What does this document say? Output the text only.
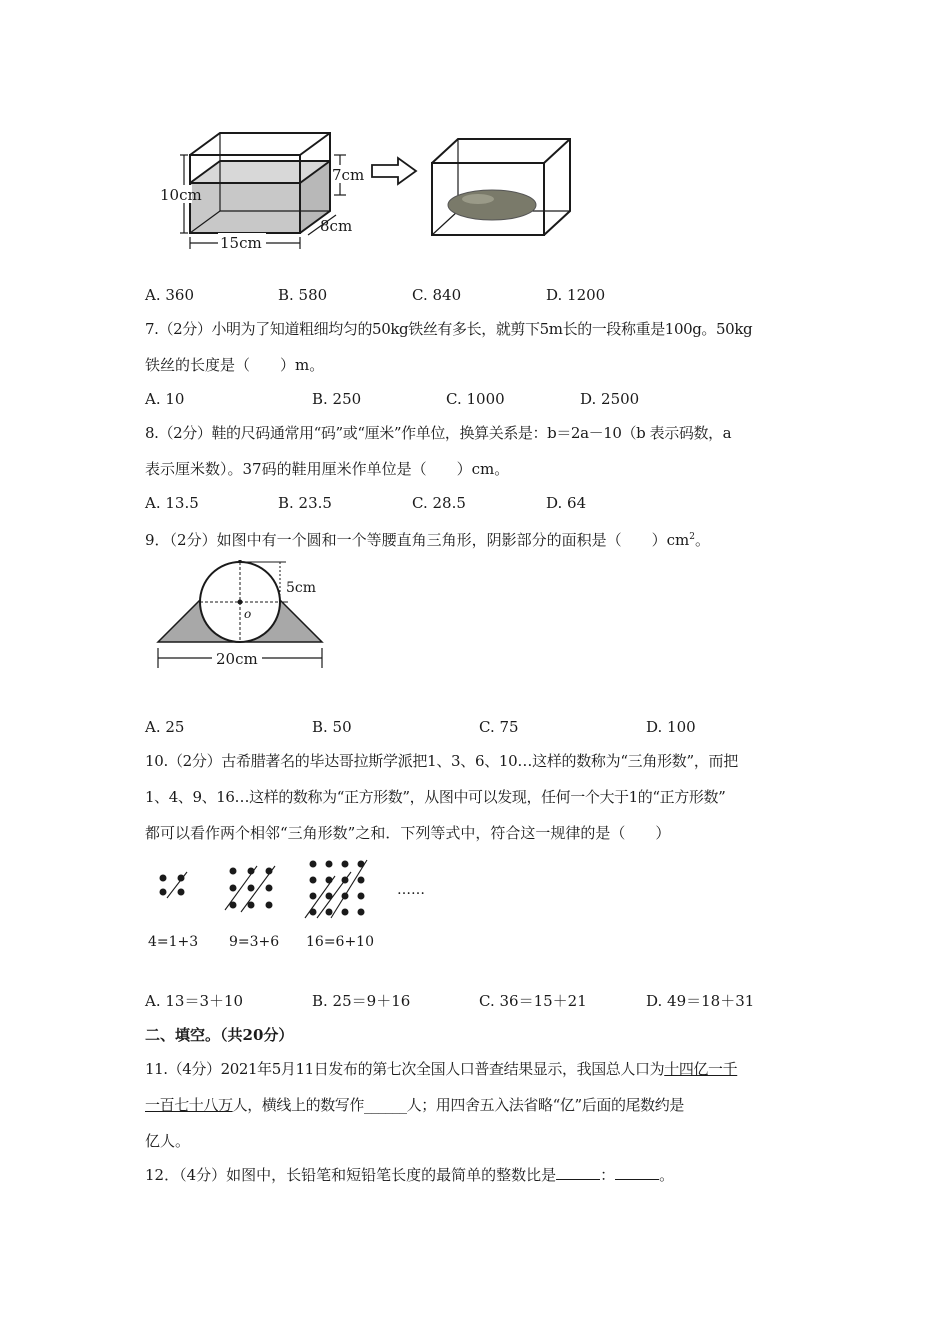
10cm
15cm
7cm
8cm
A. 360	B. 580	C. 840	D. 1200
7.（2分）小明为了知道粗细均匀的50kg铁丝有多长，就剪下5m长的一段称重是100g。50kg
铁丝的长度是（　　）m。
A. 10	B. 250	C. 1000	D. 2500
8.（2分）鞋的尺码通常用“码”或“厘米”作单位，换算关系是：b＝2a－10（b 表示码数，a
表示厘米数）。37码的鞋用厘米作单位是（　　）cm。
A. 13.5	B. 23.5	C. 28.5	D. 64
9．（2分）如图中有一个圆和一个等腰直角三角形，阴影部分的面积是（　　）$cm^2$。
o
5cm
20cm
A. 25	B. 50	C. 75	D. 100
10.（2分）古希腊著名的毕达哥拉斯学派把1、3、6、10…这样的数称为“三角形数”，而把
1、4、9、16…这样的数称为“正方形数”，从图中可以发现，任何一个大于1的“正方形数”
都可以看作两个相邻“三角形数”之和．下列等式中，符合这一规律的是（　　）
……
4=1+3 9=3+6 16=6+10
A. 13＝3＋10	B. 25＝9＋16	C. 36＝15＋21	D. 49＝18＋31
二、填空。（共20分）
11.（4分）2021年5月11日发布的第七次全国人口普查结果显示，我国总人口为十四亿一千
一百七十八万人，横线上的数写作______人；用四舍五入法省略“亿”后面的尾数约是
亿人。
12．（4分）如图中，长铅笔和短铅笔长度的最简单的整数比是	：	。
